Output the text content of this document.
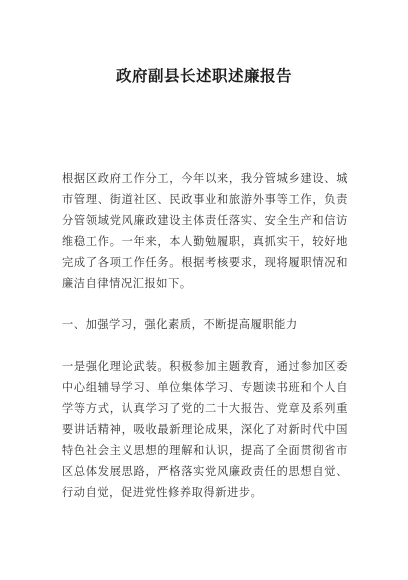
政府副县长述职述廉报告

根据区政府工作分工，今年以来，我分管城乡建设、城市管理、街道社区、民政事业和旅游外事等工作，负责分管领域党风廉政建设主体责任落实、安全生产和信访维稳工作。一年来，本人勤勉履职，真抓实干，较好地完成了各项工作任务。根据考核要求，现将履职情况和廉洁自律情况汇报如下。

一、加强学习，强化素质，不断提高履职能力

一是强化理论武装。积极参加主题教育，通过参加区委中心组辅导学习、单位集体学习、专题读书班和个人自学等方式，认真学习了党的二十大报告、党章及系列重要讲话精神，吸收最新理论成果，深化了对新时代中国特色社会主义思想的理解和认识，提高了全面贯彻省市区总体发展思路，严格落实党风廉政责任的思想自觉、行动自觉，促进党性修养取得新进步。
